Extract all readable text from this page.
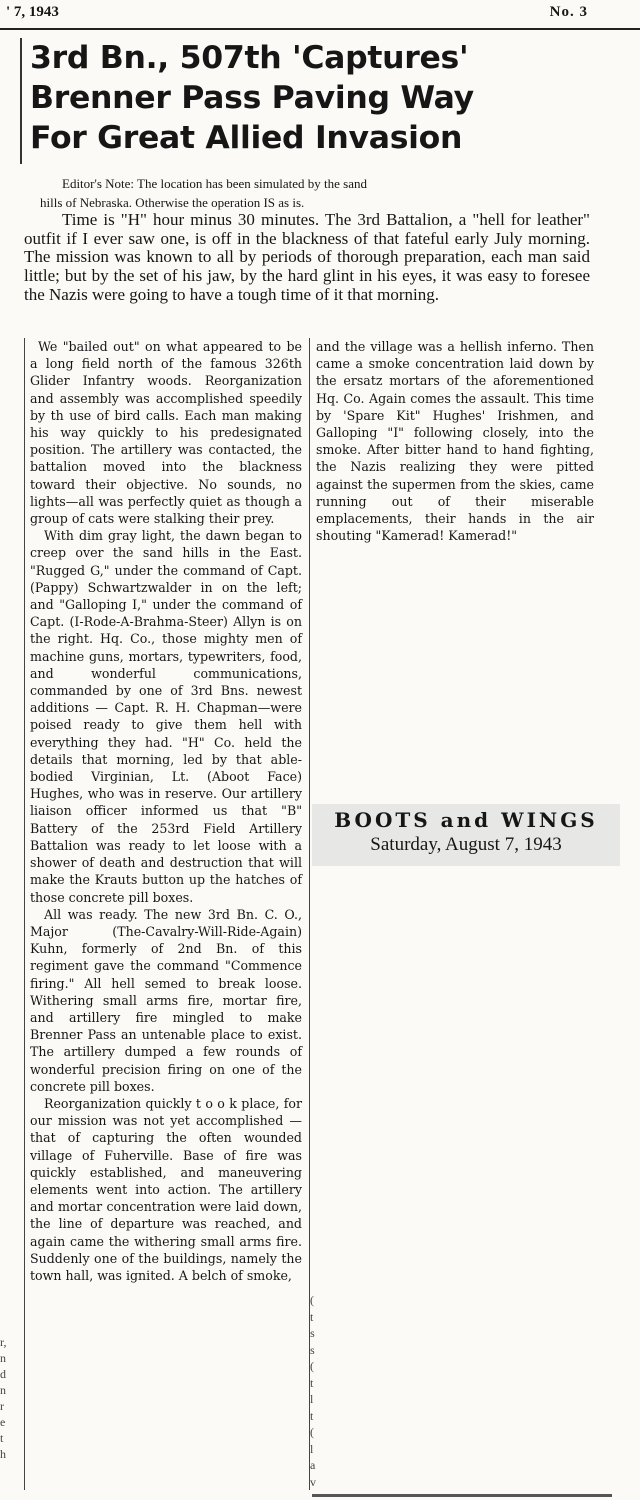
' 7, 1943	No. 3
3rd Bn., 507th 'Captures'
Brenner Pass Paving Way
For Great Allied Invasion

Editor's Note: The location has been simulated by the sand

hills of Nebraska. Otherwise the operation IS as is.

Time is "H" hour minus 30 minutes. The 3rd Battalion, a "hell for leather" outfit if I ever saw one, is off in the blackness of that fateful early July morning. The mission was known to all by periods of thorough preparation, each man said little; but by the set of his jaw, by the hard glint in his eyes, it was easy to foresee the Nazis were going to have a tough time of it that morning.

We "bailed out" on what appeared to be a long field north of the famous 326th Glider Infantry woods. Reorganization and assembly was accomplished speedily by th use of bird calls. Each man making his way quickly to his predesignated position. The artillery was contacted, the battalion moved into the blackness toward their objective. No sounds, no lights—all was perfectly quiet as though a group of cats were stalking their prey.

With dim gray light, the dawn began to creep over the sand hills in the East. "Rugged G," under the command of Capt. (Pappy) Schwartzwalder in on the left; and "Galloping I," under the command of Capt. (I-Rode-A-Brahma-Steer) Allyn is on the right. Hq. Co., those mighty men of machine guns, mortars, typewriters, food, and wonderful communications, commanded by one of 3rd Bns. newest additions — Capt. R. H. Chapman—were poised ready to give them hell with everything they had. "H" Co. held the details that morning, led by that able-bodied Virginian, Lt. (Aboot Face) Hughes, who was in reserve. Our artillery liaison officer informed us that "B" Battery of the 253rd Field Artillery Battalion was ready to let loose with a shower of death and destruction that will make the Krauts button up the hatches of those concrete pill boxes.

All was ready. The new 3rd Bn. C. O., Major (The-Cavalry-Will-Ride-Again) Kuhn, formerly of 2nd Bn. of this regiment gave the command "Commence firing." All hell semed to break loose. Withering small arms fire, mortar fire, and artillery fire mingled to make Brenner Pass an untenable place to exist. The artillery dumped a few rounds of wonderful precision firing on one of the concrete pill boxes.

Reorganization quickly t o o k place, for our mission was not yet accomplished — that of capturing the often wounded village of Fuherville. Base of fire was quickly established, and maneuvering elements went into action. The artillery and mortar concentration were laid down, the line of departure was reached, and again came the withering small arms fire. Suddenly one of the buildings, namely the town hall, was ignited. A belch of smoke,

and the village was a hellish inferno. Then came a smoke concentration laid down by the ersatz mortars of the aforementioned Hq. Co. Again comes the assault. This time by 'Spare Kit" Hughes' Irishmen, and Galloping "I" following closely, into the smoke. After bitter hand to hand fighting, the Nazis realizing they were pitted against the supermen from the skies, came running out of their miserable emplacements, their hands in the air shouting "Kamerad! Kamerad!"

BOOTS and WINGS
Saturday, August 7, 1943
r,
n
d
n
r
e
t
h
(
t
s
s
(
t
l
t
(
l
a
v
